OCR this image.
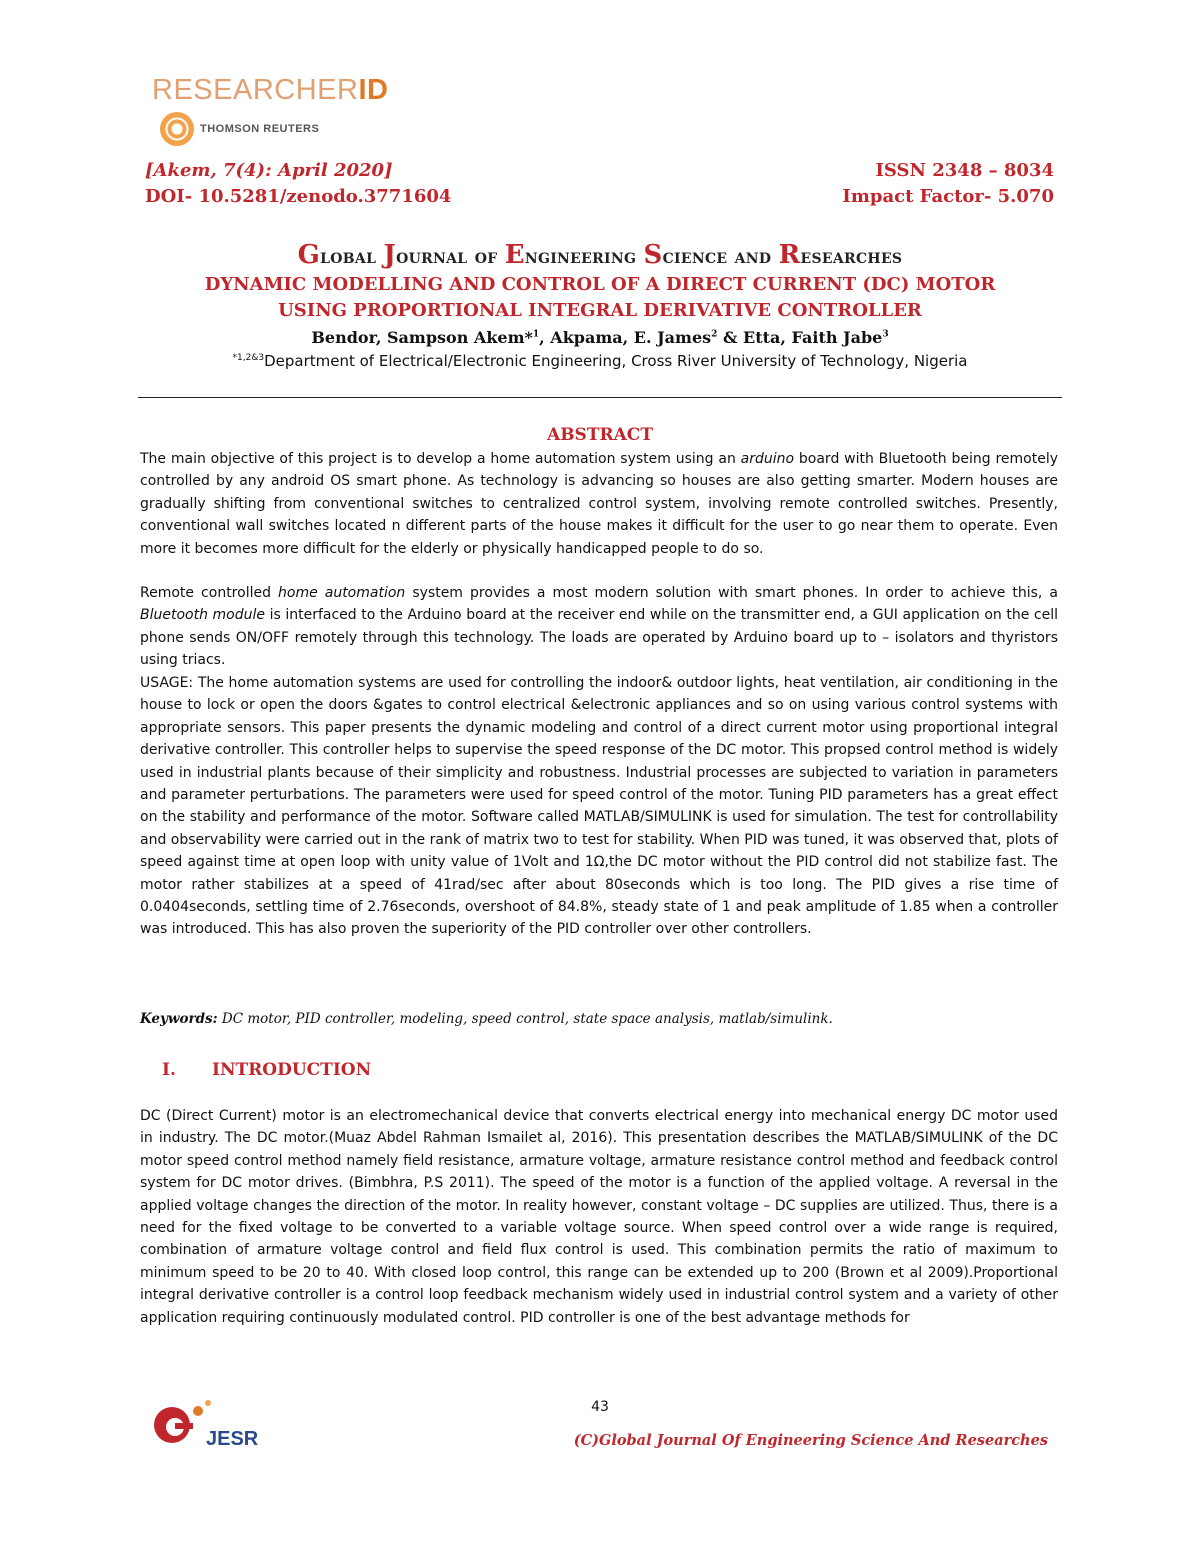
RESEARCHERID
THOMSON REUTERS
[Akem, 7(4): April 2020]
DOI- 10.5281/zenodo.3771604
ISSN 2348 – 8034
Impact Factor- 5.070
Global Journal of Engineering Science and Researches
DYNAMIC MODELLING AND CONTROL OF A DIRECT CURRENT (DC) MOTOR
USING PROPORTIONAL INTEGRAL DERIVATIVE CONTROLLER
Bendor, Sampson Akem*$^1$, Akpama, E. James$^2$ & Etta, Faith Jabe$^3$
$^{*1,2\&3}$Department of Electrical/Electronic Engineering, Cross River University of Technology, Nigeria
ABSTRACT
The main objective of this project is to develop a home automation system using an arduino board with Bluetooth being remotely controlled by any android OS smart phone. As technology is advancing so houses are also getting smarter. Modern houses are gradually shifting from conventional switches to centralized control system, involving remote controlled switches. Presently, conventional wall switches located n different parts of the house makes it difficult for the user to go near them to operate. Even more it becomes more difficult for the elderly or physically handicapped people to do so.
Remote controlled home automation system provides a most modern solution with smart phones. In order to achieve this, a Bluetooth module is interfaced to the Arduino board at the receiver end while on the transmitter end, a GUI application on the cell phone sends ON/OFF remotely through this technology. The loads are operated by Arduino board up to – isolators and thyristors using triacs.
USAGE: The home automation systems are used for controlling the indoor& outdoor lights, heat ventilation, air conditioning in the house to lock or open the doors &gates to control electrical &electronic appliances and so on using various control systems with appropriate sensors. This paper presents the dynamic modeling and control of a direct current motor using proportional integral derivative controller. This controller helps to supervise the speed response of the DC motor. This propsed control method is widely used in industrial plants because of their simplicity and robustness. Industrial processes are subjected to variation in parameters and parameter perturbations. The parameters were used for speed control of the motor. Tuning PID parameters has a great effect on the stability and performance of the motor. Software called MATLAB/SIMULINK is used for simulation. The test for controllability and observability were carried out in the rank of matrix two to test for stability. When PID was tuned, it was observed that, plots of speed against time at open loop with unity value of 1Volt and 1Ω,the DC motor without the PID control did not stabilize fast. The motor rather stabilizes at a speed of 41rad/sec after about 80seconds which is too long. The PID gives a rise time of 0.0404seconds, settling time of 2.76seconds, overshoot of 84.8%, steady state of 1 and peak amplitude of 1.85 when a controller was introduced. This has also proven the superiority of the PID controller over other controllers.
Keywords: DC motor, PID controller, modeling, speed control, state space analysis, matlab/simulink.
I. INTRODUCTION
DC (Direct Current) motor is an electromechanical device that converts electrical energy into mechanical energy DC motor used in industry. The DC motor.(Muaz Abdel Rahman Ismailet al, 2016). This presentation describes the MATLAB/SIMULINK of the DC motor speed control method namely field resistance, armature voltage, armature resistance control method and feedback control system for DC motor drives. (Bimbhra, P.S 2011). The speed of the motor is a function of the applied voltage. A reversal in the applied voltage changes the direction of the motor. In reality however, constant voltage – DC supplies are utilized. Thus, there is a need for the fixed voltage to be converted to a variable voltage source. When speed control over a wide range is required, combination of armature voltage control and field flux control is used. This combination permits the ratio of maximum to minimum speed to be 20 to 40. With closed loop control, this range can be extended up to 200 (Brown et al 2009).Proportional integral derivative controller is a control loop feedback mechanism widely used in industrial control system and a variety of other application requiring continuously modulated control. PID controller is one of the best advantage methods for
JESR
43
(C)Global Journal Of Engineering Science And Researches
